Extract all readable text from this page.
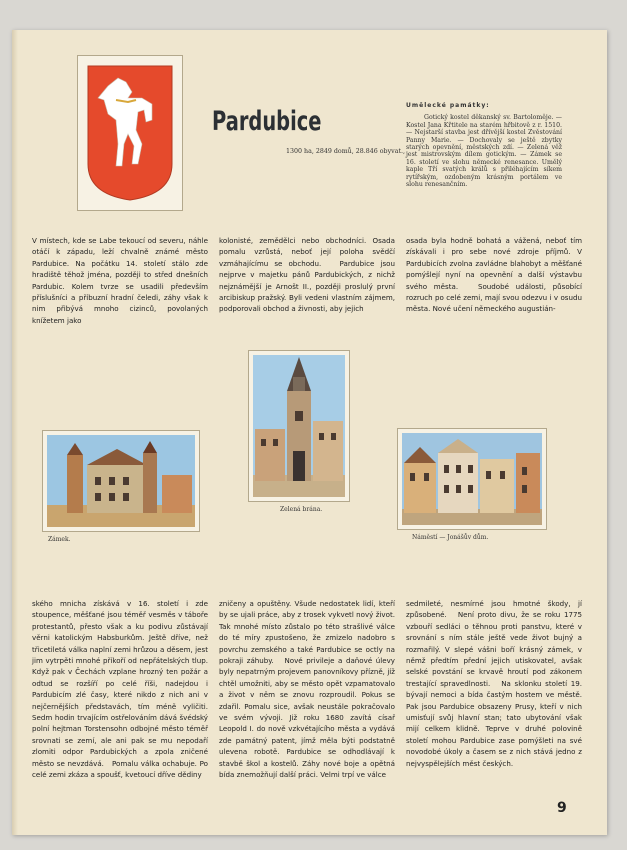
Pardubice
1300 ha, 2849 domů, 28.846 obyvat.,
Umělecké památky:
Gotický kostel děkanský sv. Bartoloměje. — Kostel Jana Křtitele na starém hřbitově z r. 1510. — Nejstarší stavba jest dřívější kostel Zvěstování Panny Marie. — Dochovaly se ještě zbytky starých opevnění, městských zdí. — Zelená věž jest mistrovským dílem gotickým. — Zámek se 16. století ve slohu německé renesance. Umělý kaple Tří svatých králů s přiléhajícím síkem rytířským, ozdobeným krásným portálem ve slohu renesančním.
V místech, kde se Labe tekoucí od severu, náhle otáčí k západu, leží chvalně známé město Pardubice. Na počátku 14. století stálo zde hradiště těhož jména, později to střed dnešních Pardubic. Kolem tvrze se usadili především příslušníci a příbuzní hradní čeledi, záhy však k nim přibývá mnoho cizinců, povolaných knížetem jako
kolonisté, zemědělci nebo obchodníci. Osada pomalu vzrůstá, neboť její poloha svědčí vzmáhajícímu se obchodu.   Pardubice jsou nejprve v majetku pánů Pardubických, z nichž nejznámější je Arnošt II., později proslulý první arcibiskup pražský. Byli vedeni vlastním zájmem, podporovali obchod a živnosti, aby jejich
osada byla hodně bohatá a vážená, neboť tím získávali i pro sebe nové zdroje příjmů. V Pardubicích zvolna zavládne blahobyt a měšťané pomýšlejí nyní na opevnění a další výstavbu svého města.   Soudobé události, působící rozruch po celé zemi, mají svou odezvu i v osudu města. Nové učení německého augustián-
Zámek.
Zelená brána.
Náměstí — Jonášův dům.
ského mnicha získává v 16. století i zde stoupence, měšťané jsou téměř vesměs v táboře protestantů, přesto však a ku podivu zůstávají věrni katolickým Habsburkům. Ještě dříve, než třicetiletá válka naplní zemi hrůzou a děsem, jest jim vytrpěti mnohé příkoří od nepřátelských tlup. Když pak v Čechách vzplane hrozný ten požár a odtud se rozšíří po celé říši, nadejdou i Pardubicím zlé časy, které nikdo z nich ani v nejčernějších představách, tím méně vyličiti. Sedm hodin trvajícím ostřelováním dává švédský polní hejtman Torstensohn odbojné město téměř srovnati se zemí, ale ani pak se mu nepodaří zlomiti odpor Pardubických a zpola zničené město se nevzdává.   Pomalu válka ochabuje. Po celé zemi zkáza a spoušť, kvetoucí dříve dědiny
zničeny a opuštěny. Všude nedostatek lidí, kteří by se ujali práce, aby z trosek vykvetl nový život. Tak mnohé místo zůstalo po této strašlivé válce do té míry zpustošeno, že zmizelo nadobro s povrchu zemského a také Pardubice se octly na pokraji záhuby.   Nové privileje a daňové úlevy byly nepatrným projevem panovníkovy přízně, jíž chtěl umožniti, aby se město opět vzpamatovalo a život v něm se znovu rozproudil. Pokus se zdařil. Pomalu sice, avšak neustále pokračovalo ve svém vývoji. Již roku 1680 zavítá císař Leopold I. do nově vzkvétajícího města a vydává zde památný patent, jímž měla býti podstatně ulevena robotě. Pardubice se odhodlávají k stavbě škol a kostelů. Záhy nové boje a opětná bída znemožňují další práci. Velmi trpí ve válce
sedmileté, nesmírné jsou hmotné škody, jí způsobené.   Není proto divu, že se roku 1775 vzbouří sedláci o těhnou proti panstvu, které v srovnání s ním stále ještě vede život bujný a rozmařilý. V slepé vášni boří krásný zámek, v němž předtím přední jejich utiskovatel, avšak selské povstání se krvavě hroutí pod zákonem trestající spravedlnosti.   Na sklonku století 19. bývají nemoci a bída častým hostem ve městě. Pak jsou Pardubice obsazeny Prusy, kteří v nich umisťují svůj hlavní stan; tato ubytování však mijí celkem klidně. Teprve v druhé polovině století mohou Pardubice zase pomýšleti na své novodobé úkoly a časem se z nich stává jedno z nejvyspělejších měst českých.
9
